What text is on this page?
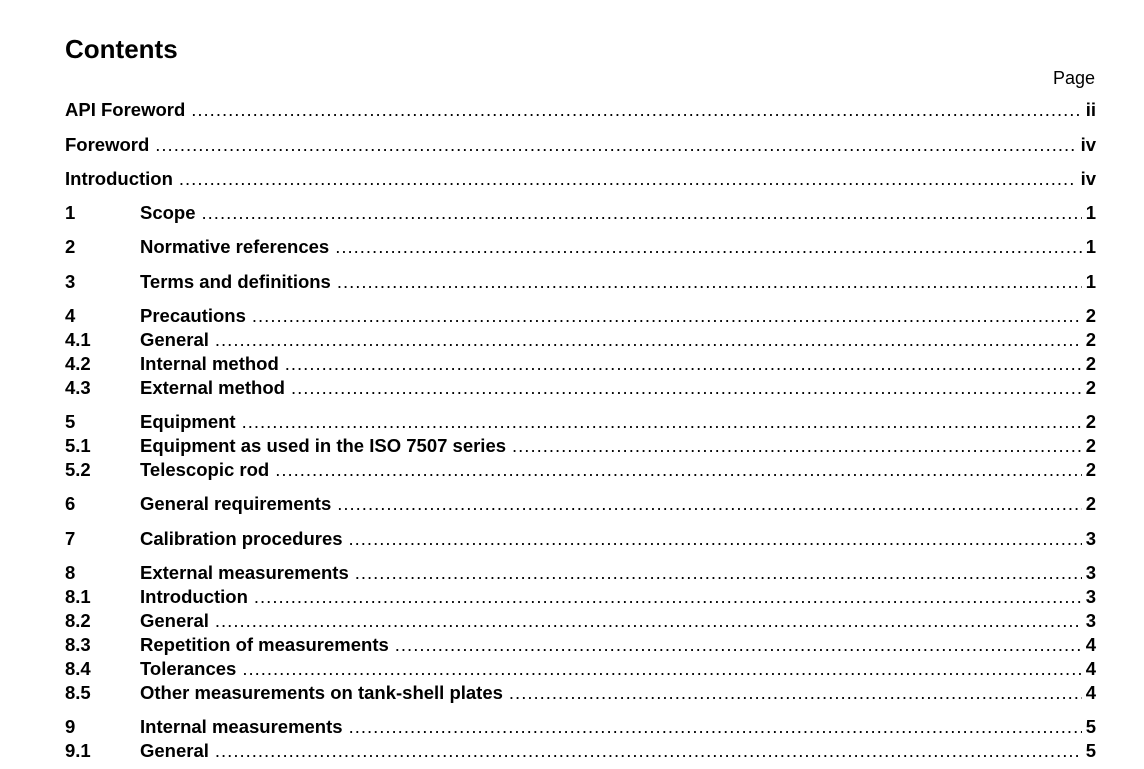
Contents
Page
API Foreword .....	ii
Foreword .....	iv
Introduction .....	iv
1	Scope .....	1
2	Normative references .....	1
3	Terms and definitions .....	1
4	Precautions .....	2
4.1	General .....	2
4.2	Internal method .....	2
4.3	External method .....	2
5	Equipment .....	2
5.1	Equipment as used in the ISO 7507 series .....	2
5.2	Telescopic rod .....	2
6	General requirements .....	2
7	Calibration procedures .....	3
8	External measurements .....	3
8.1	Introduction .....	3
8.2	General .....	3
8.3	Repetition of measurements .....	4
8.4	Tolerances .....	4
8.5	Other measurements on tank-shell plates .....	4
9	Internal measurements .....	5
9.1	General .....	5
